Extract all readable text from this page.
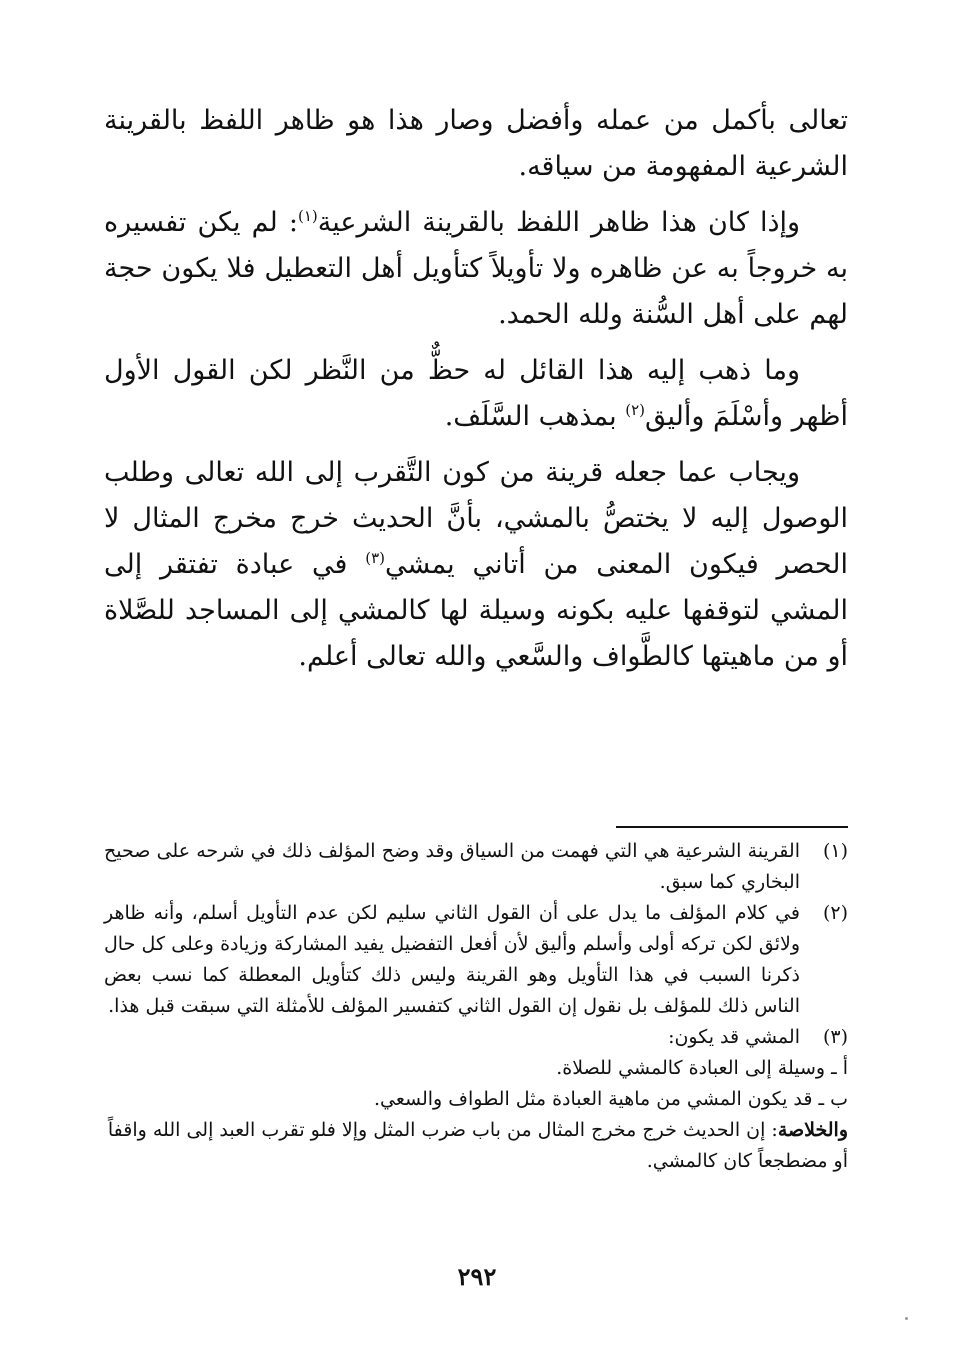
تعالى بأكمل من عمله وأفضل وصار هذا هو ظاهر اللفظ بالقرينة الشرعية المفهومة من سياقه.

وإذا كان هذا ظاهر اللفظ بالقرينة الشرعية$^{(١)}$: لم يكن تفسيره به خروجاً به عن ظاهره ولا تأويلاً كتأويل أهل التعطيل فلا يكون حجة لهم على أهل السُّنة ولله الحمد.

وما ذهب إليه هذا القائل له حظٌّ من النَّظر لكن القول الأول أظهر وأسْلَمَ وأليق$^{(٢)}$ بمذهب السَّلَف.

ويجاب عما جعله قرينة من كون التَّقرب إلى الله تعالى وطلب الوصول إليه لا يختصُّ بالمشي، بأنَّ الحديث خرج مخرج المثال لا الحصر فيكون المعنى من أتاني يمشي$^{(٣)}$ في عبادة تفتقر إلى المشي لتوقفها عليه بكونه وسيلة لها كالمشي إلى المساجد للصَّلاة أو من ماهيتها كالطَّواف والسَّعي والله تعالى أعلم.

(١)

القرينة الشرعية هي التي فهمت من السياق وقد وضح المؤلف ذلك في شرحه على صحيح البخاري كما سبق.

(٢)

في كلام المؤلف ما يدل على أن القول الثاني سليم لكن عدم التأويل أسلم، وأنه ظاهر ولائق لكن تركه أولى وأسلم وأليق لأن أفعل التفضيل يفيد المشاركة وزيادة وعلى كل حال ذكرنا السبب في هذا التأويل وهو القرينة وليس ذلك كتأويل المعطلة كما نسب بعض الناس ذلك للمؤلف بل نقول إن القول الثاني كتفسير المؤلف للأمثلة التي سبقت قبل هذا.

(٣)

المشي قد يكون:

أ ـ وسيلة إلى العبادة كالمشي للصلاة.

ب ـ قد يكون المشي من ماهية العبادة مثل الطواف والسعي.

والخلاصة: إن الحديث خرج مخرج المثال من باب ضرب المثل وإلا فلو تقرب العبد إلى الله واقفاً أو مضطجعاً كان كالمشي.

٢٩٢
